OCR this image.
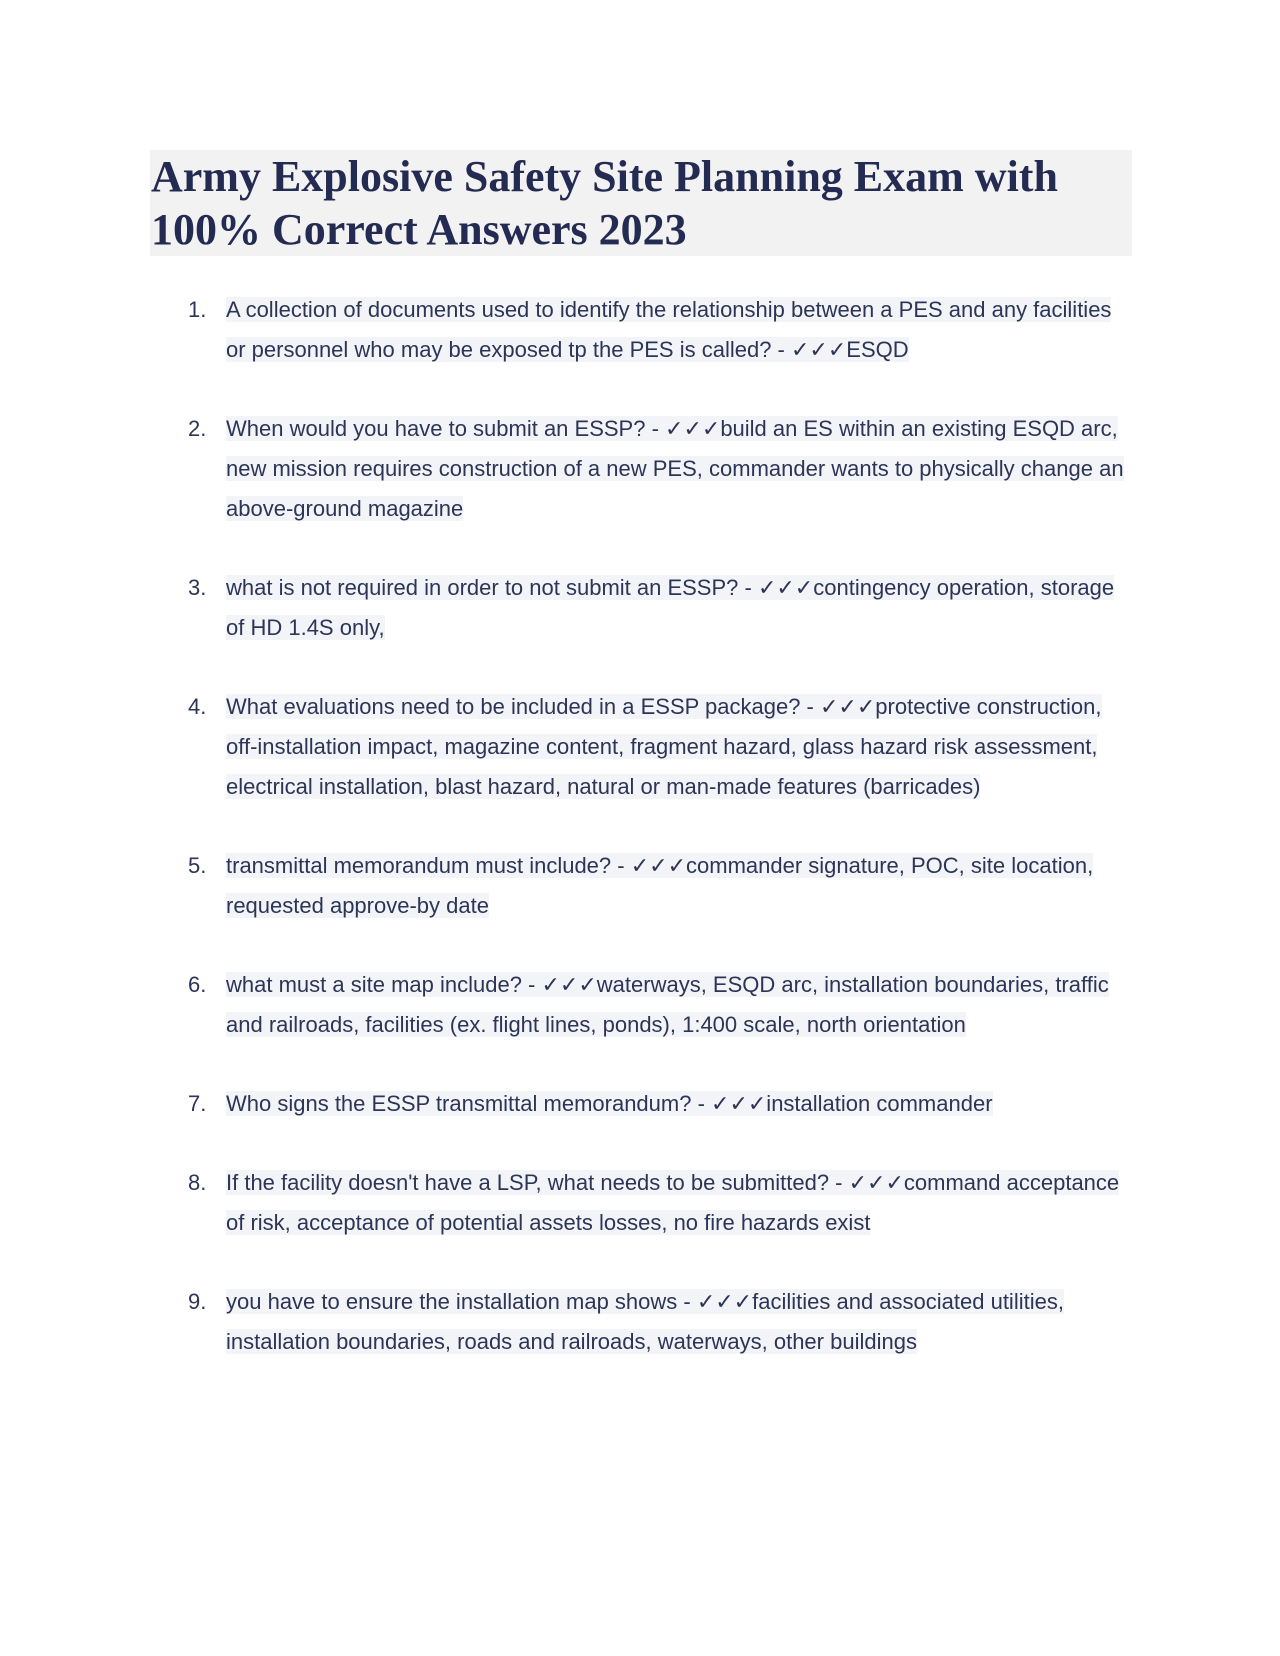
Army Explosive Safety Site Planning Exam with 100% Correct Answers 2023
1. A collection of documents used to identify the relationship between a PES and any facilities or personnel who may be exposed tp the PES is called? - ✓✓✓ESQD
2. When would you have to submit an ESSP? - ✓✓✓build an ES within an existing ESQD arc, new mission requires construction of a new PES, commander wants to physically change an above-ground magazine
3. what is not required in order to not submit an ESSP? - ✓✓✓contingency operation, storage of HD 1.4S only,
4. What evaluations need to be included in a ESSP package? - ✓✓✓protective construction, off-installation impact, magazine content, fragment hazard, glass hazard risk assessment, electrical installation, blast hazard, natural or man-made features (barricades)
5. transmittal memorandum must include? - ✓✓✓commander signature, POC, site location, requested approve-by date
6. what must a site map include? - ✓✓✓waterways, ESQD arc, installation boundaries, traffic and railroads, facilities (ex. flight lines, ponds), 1:400 scale, north orientation
7. Who signs the ESSP transmittal memorandum? - ✓✓✓installation commander
8. If the facility doesn't have a LSP, what needs to be submitted? - ✓✓✓command acceptance of risk, acceptance of potential assets losses, no fire hazards exist
9. you have to ensure the installation map shows - ✓✓✓facilities and associated utilities, installation boundaries, roads and railroads, waterways, other buildings
